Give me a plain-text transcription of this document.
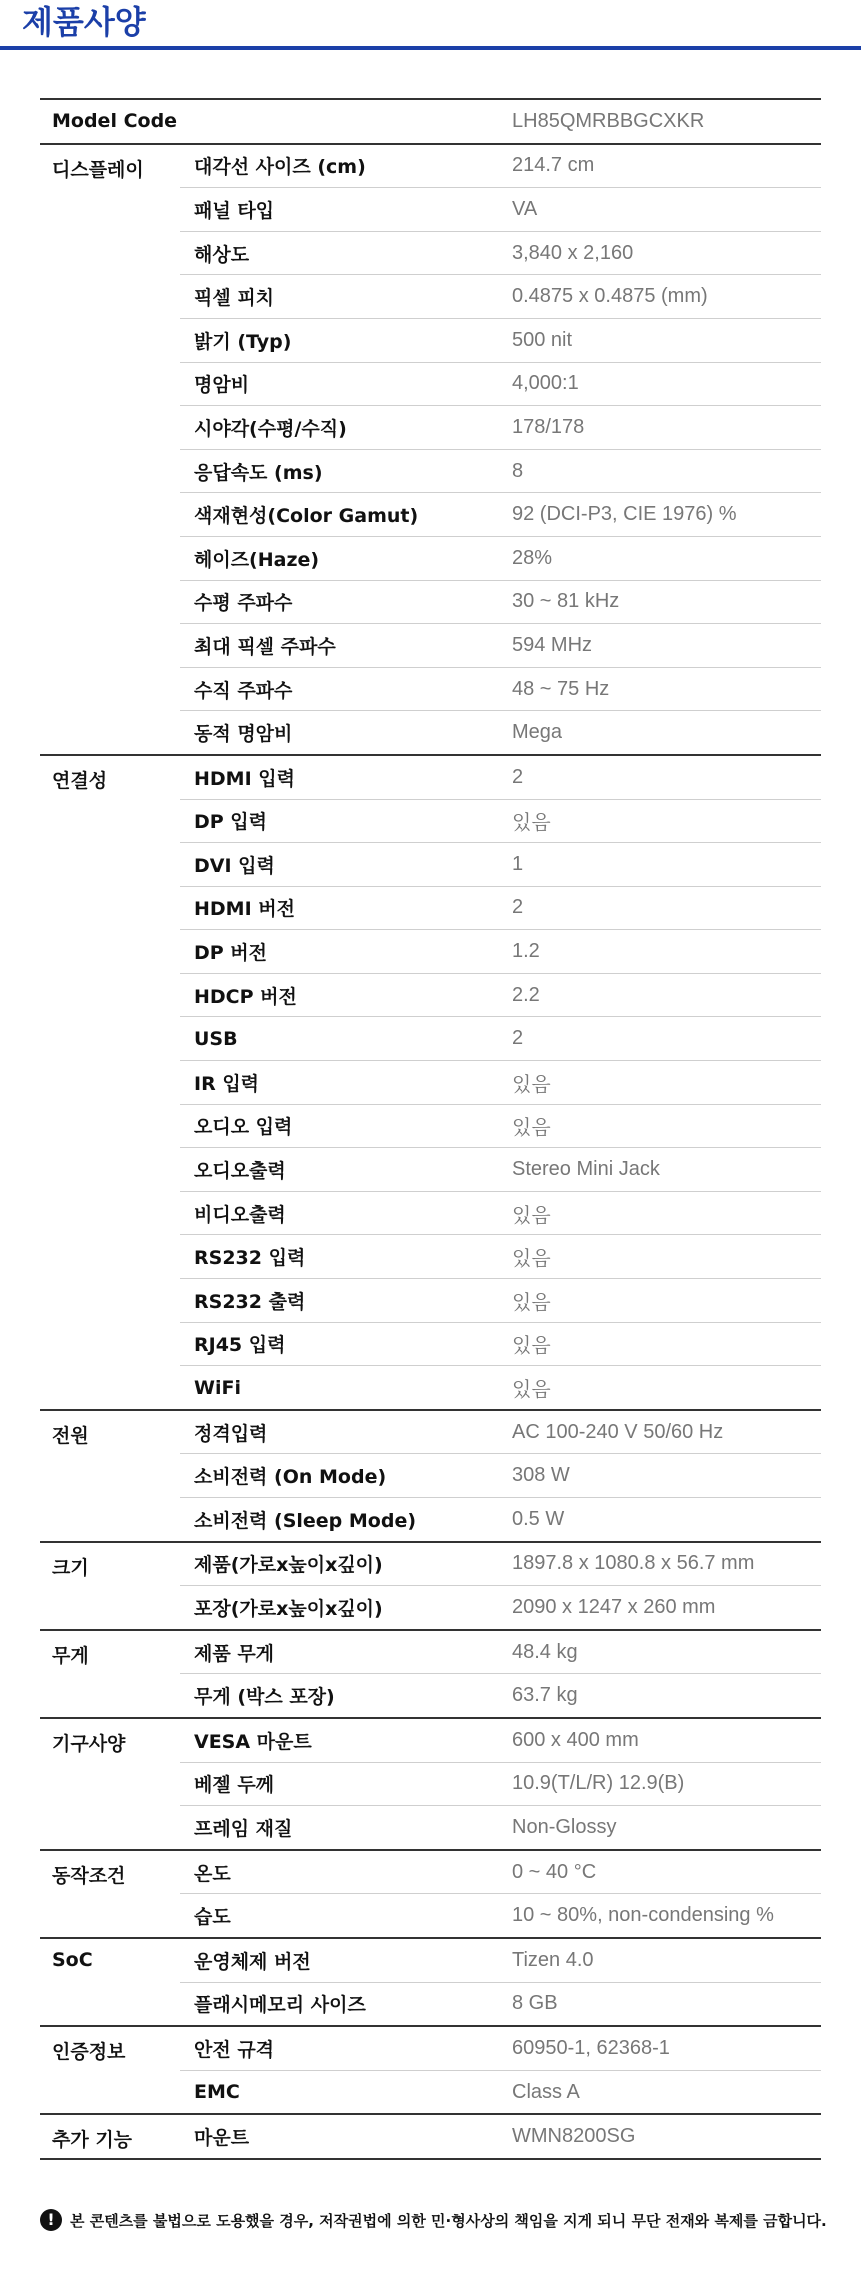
제품사양
Model Code		LH85QMRBBGCXKR
디스플레이	대각선 사이즈 (cm)	214.7 cm
	패널 타입	VA
	해상도	3,840 x 2,160
	픽셀 피치	0.4875 x 0.4875 (mm)
	밝기 (Typ)	500 nit
	명암비	4,000:1
	시야각(수평/수직)	178/178
	응답속도 (ms)	8
	색재현성(Color Gamut)	92 (DCI-P3, CIE 1976) %
	헤이즈(Haze)	28%
	수평 주파수	30 ~ 81 kHz
	최대 픽셀 주파수	594 MHz
	수직 주파수	48 ~ 75 Hz
	동적 명암비	Mega
연결성	HDMI 입력	2
	DP 입력	있음
	DVI 입력	1
	HDMI 버전	2
	DP 버전	1.2
	HDCP 버전	2.2
	USB	2
	IR 입력	있음
	오디오 입력	있음
	오디오출력	Stereo Mini Jack
	비디오출력	있음
	RS232 입력	있음
	RS232 출력	있음
	RJ45 입력	있음
	WiFi	있음
전원	정격입력	AC 100-240 V 50/60 Hz
	소비전력 (On Mode)	308 W
	소비전력 (Sleep Mode)	0.5 W
크기	제품(가로x높이x깊이)	1897.8 x 1080.8 x 56.7 mm
	포장(가로x높이x깊이)	2090 x 1247 x 260 mm
무게	제품 무게	48.4 kg
	무게 (박스 포장)	63.7 kg
기구사양	VESA 마운트	600 x 400 mm
	베젤 두께	10.9(T/L/R) 12.9(B)
	프레임 재질	Non-Glossy
동작조건	온도	0 ~ 40 °C
	습도	10 ~ 80%, non-condensing %
SoC	운영체제 버전	Tizen 4.0
	플래시메모리 사이즈	8 GB
인증정보	안전 규격	60950-1, 62368-1
	EMC	Class A
추가 기능	마운트	WMN8200SG
!	본 콘텐츠를 불법으로 도용했을 경우, 저작권법에 의한 민·형사상의 책임을 지게 되니 무단 전재와 복제를 금합니다.
